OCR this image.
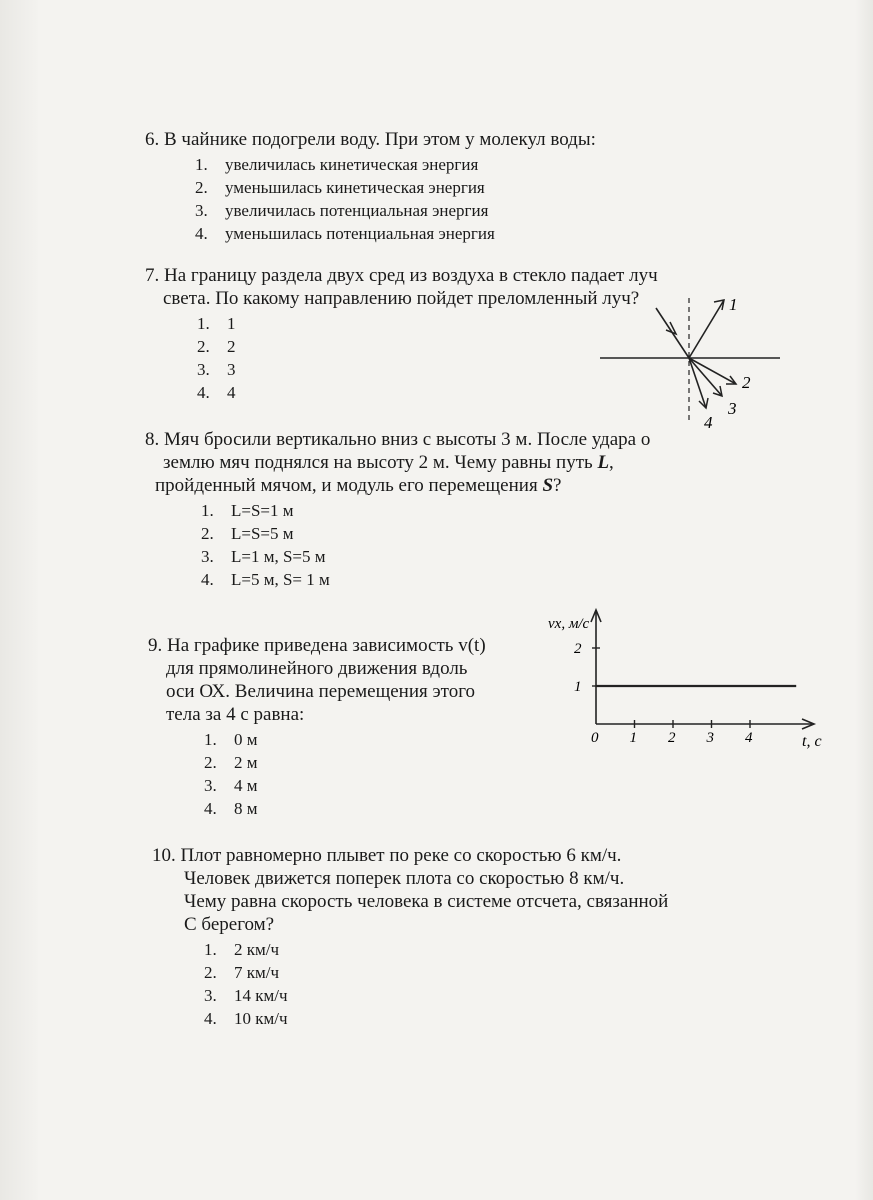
6. В чайнике подогрели воду. При этом у молекул воды:

1.	увеличилась кинетическая энергия
2.	уменьшилась кинетическая энергия
3.	увеличилась потенциальная энергия
4.	уменьшилась потенциальная энергия

7. На границу раздела двух сред из воздуха в стекло падает луч

света. По какому направлению пойдет преломленный луч?

1.	1
2.	2
3.	3
4.	4
1
2
3
4

8. Мяч бросили вертикально вниз с высоты 3 м. После удара о

землю мяч поднялся на высоту 2 м. Чему равны путь L,

пройденный мячом, и модуль его перемещения S?

1.	L=S=1 м
2.	L=S=5 м
3.	L=1 м, S=5 м
4.	L=5 м, S= 1 м

9. На графике приведена зависимость v(t)

для прямолинейного движения вдоль

оси ОХ. Величина перемещения этого

тела за 4 с равна:

1.	0 м
2.	2 м
3.	4 м
4.	8 м
vx, м/с
t, c
0 1 2 3 4
1
2

10. Плот равномерно плывет по реке со скоростью 6 км/ч.

Человек движется поперек плота со скоростью 8 км/ч.

Чему равна скорость человека в системе отсчета, связанной

С берегом?

1.	2 км/ч
2.	7 км/ч
3.	14 км/ч
4.	10 км/ч
